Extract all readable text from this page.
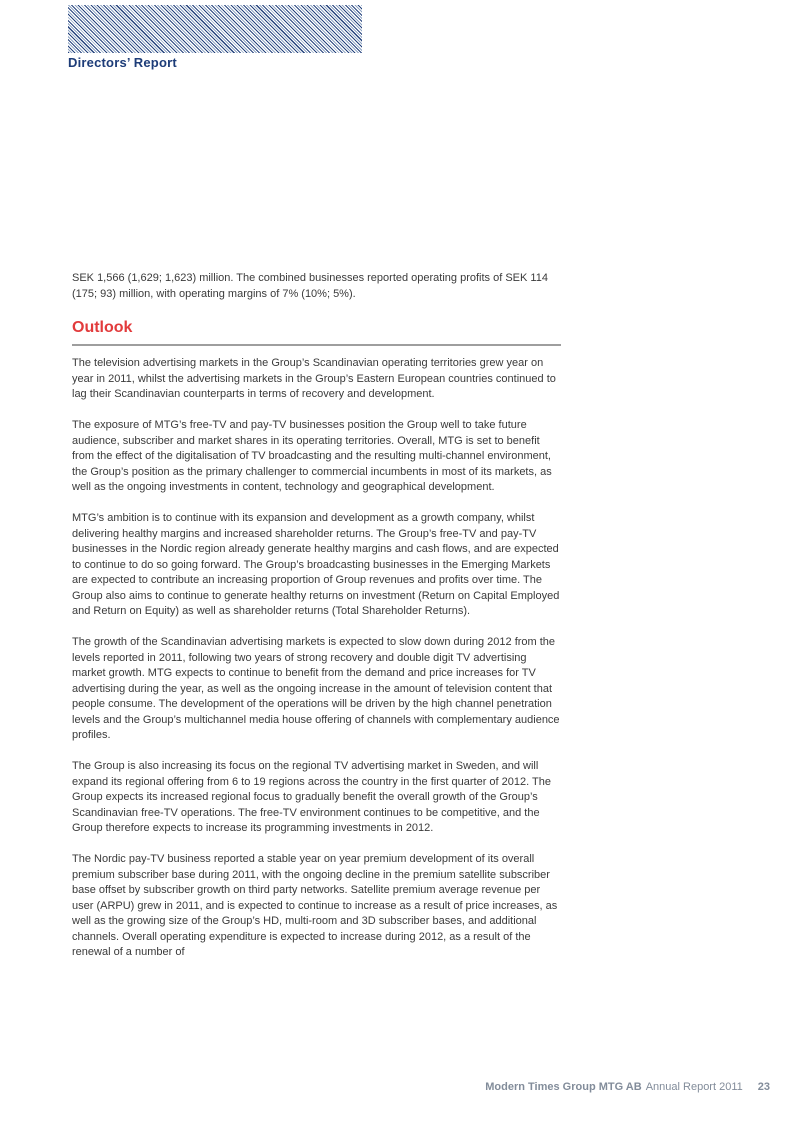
Directors’ Report

SEK 1,566 (1,629; 1,623) million. The combined businesses reported operating profits of SEK 114 (175; 93) million, with operating margins of 7% (10%; 5%).

Outlook

The television advertising markets in the Group’s Scandinavian operating territories grew year on year in 2011, whilst the advertising markets in the Group’s Eastern European countries continued to lag their Scandinavian counterparts in terms of recovery and development.

The exposure of MTG’s free-TV and pay-TV businesses position the Group well to take future audience, subscriber and market shares in its operating territories. Overall, MTG is set to benefit from the effect of the digitalisation of TV broadcasting and the resulting multi-channel environment, the Group’s position as the primary challenger to commercial incumbents in most of its markets, as well as the ongoing investments in content, technology and geographical development.

MTG’s ambition is to continue with its expansion and development as a growth company, whilst delivering healthy margins and increased shareholder returns. The Group’s free-TV and pay-TV businesses in the Nordic region already generate healthy margins and cash flows, and are expected to continue to do so going forward. The Group’s broadcasting businesses in the Emerging Markets are expected to contribute an increasing proportion of Group revenues and profits over time. The Group also aims to continue to generate healthy returns on investment (Return on Capital Employed and Return on Equity) as well as shareholder returns (Total Shareholder Returns).

The growth of the Scandinavian advertising markets is expected to slow down during 2012 from the levels reported in 2011, following two years of strong recovery and double digit TV advertising market growth. MTG expects to continue to benefit from the demand and price increases for TV advertising during the year, as well as the ongoing increase in the amount of television content that people consume. The development of the operations will be driven by the high channel penetration levels and the Group’s multichannel media house offering of channels with complementary audience profiles.

The Group is also increasing its focus on the regional TV advertising market in Sweden, and will expand its regional offering from 6 to 19 regions across the country in the first quarter of 2012. The Group expects its increased regional focus to gradually benefit the overall growth of the Group’s Scandinavian free-TV operations. The free-TV environment continues to be competitive, and the Group therefore expects to increase its programming investments in 2012.

The Nordic pay-TV business reported a stable year on year premium development of its overall premium subscriber base during 2011, with the ongoing decline in the premium satellite subscriber base offset by subscriber growth on third party networks. Satellite premium average revenue per user (ARPU) grew in 2011, and is expected to continue to increase as a result of price increases, as well as the growing size of the Group’s HD, multi-room and 3D subscriber bases, and additional channels. Overall operating expenditure is expected to increase during 2012, as a result of the renewal of a number of

Modern Times Group MTG AB Annual Report 2011 23
